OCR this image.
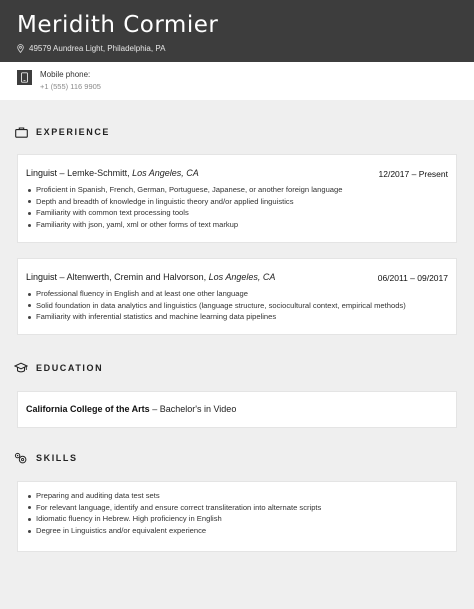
Meridith Cormier
49579 Aundrea Light, Philadelphia, PA
Mobile phone:
+1 (555) 116 9905
EXPERIENCE
Linguist – Lemke-Schmitt, Los Angeles, CA	12/2017 – Present
Proficient in Spanish, French, German, Portuguese, Japanese, or another foreign language
Depth and breadth of knowledge in linguistic theory and/or applied linguistics
Familiarity with common text processing tools
Familiarity with json, yaml, xml or other forms of text markup
Linguist – Altenwerth, Cremin and Halvorson, Los Angeles, CA	06/2011 – 09/2017
Professional fluency in English and at least one other language
Solid foundation in data analytics and linguistics (language structure, sociocultural context, empirical methods)
Familiarity with inferential statistics and machine learning data pipelines
EDUCATION
California College of the Arts – Bachelor's in Video
SKILLS
Preparing and auditing data test sets
For relevant language, identify and ensure correct transliteration into alternate scripts
Idiomatic fluency in Hebrew. High proficiency in English
Degree in Linguistics and/or equivalent experience
